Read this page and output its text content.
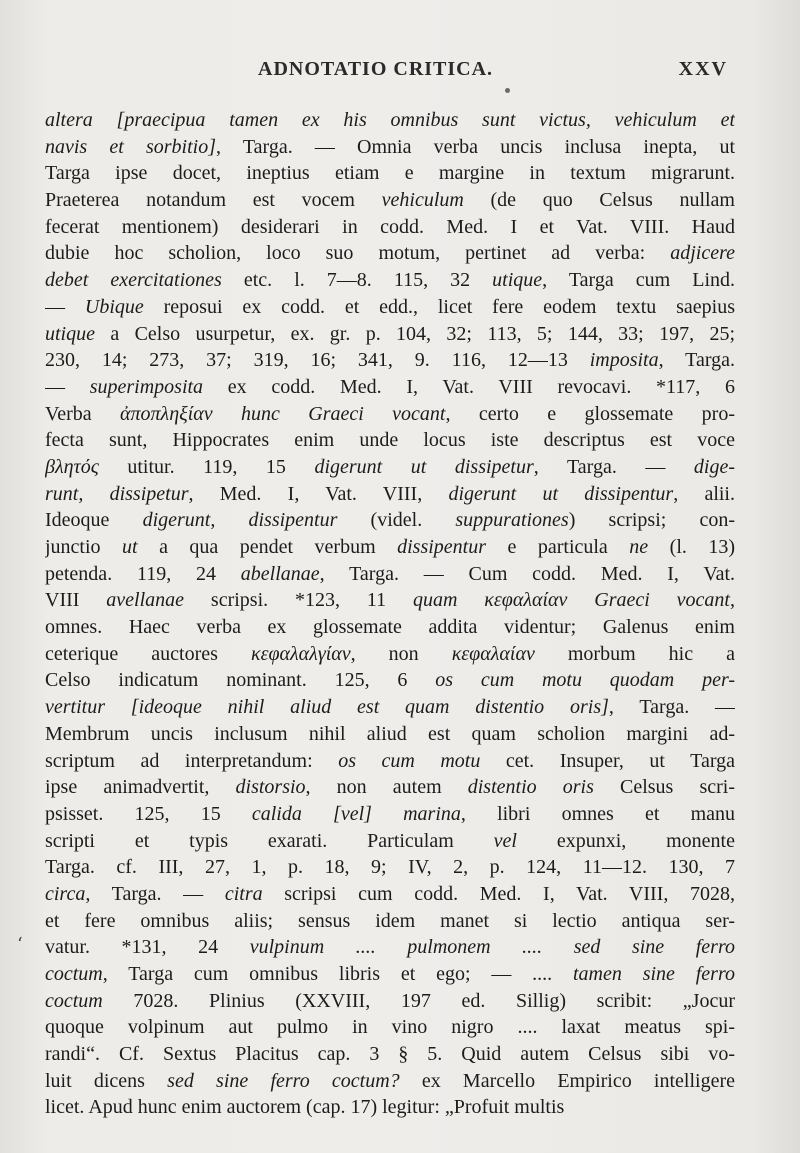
ADNOTATIO CRITICA.	XXV
‘
altera [praecipua tamen ex his omnibus sunt victus, vehiculum et
navis et sorbitio], Targa. — Omnia verba uncis inclusa inepta, ut
Targa ipse docet, ineptius etiam e margine in textum migrarunt.
Praeterea notandum est vocem vehiculum (de quo Celsus nullam
fecerat mentionem) desiderari in codd. Med. I et Vat. VIII. Haud
dubie hoc scholion, loco suo motum, pertinet ad verba: adjicere
debet exercitationes etc. l. 7—8. 115, 32 utique, Targa cum Lind.
— Ubique reposui ex codd. et edd., licet fere eodem textu saepius
utique a Celso usurpetur, ex. gr. p. 104, 32; 113, 5; 144, 33; 197, 25;
230, 14; 273, 37; 319, 16; 341, 9. 116, 12—13 imposita, Targa.
— superimposita ex codd. Med. I, Vat. VIII revocavi. *117, 6
Verba ἀποπληξίαν hunc Graeci vocant, certo e glossemate pro-
fecta sunt, Hippocrates enim unde locus iste descriptus est voce
βλητός utitur. 119, 15 digerunt ut dissipetur, Targa. — dige-
runt, dissipetur, Med. I, Vat. VIII, digerunt ut dissipentur, alii.
Ideoque digerunt, dissipentur (videl. suppurationes) scripsi; con-
junctio ut a qua pendet verbum dissipentur e particula ne (l. 13)
petenda. 119, 24 abellanae, Targa. — Cum codd. Med. I, Vat.
VIII avellanae scripsi. *123, 11 quam κεφαλαίαν Graeci vocant,
omnes. Haec verba ex glossemate addita videntur; Galenus enim
ceterique auctores κεφαλαλγίαν, non κεφαλαίαν morbum hic a
Celso indicatum nominant. 125, 6 os cum motu quodam per-
vertitur [ideoque nihil aliud est quam distentio oris], Targa. —
Membrum uncis inclusum nihil aliud est quam scholion margini ad-
scriptum ad interpretandum: os cum motu cet. Insuper, ut Targa
ipse animadvertit, distorsio, non autem distentio oris Celsus scri-
psisset. 125, 15 calida [vel] marina, libri omnes et manu
scripti et typis exarati. Particulam vel expunxi, monente
Targa. cf. III, 27, 1, p. 18, 9; IV, 2, p. 124, 11—12. 130, 7
circa, Targa. — citra scripsi cum codd. Med. I, Vat. VIII, 7028,
et fere omnibus aliis; sensus idem manet si lectio antiqua ser-
vatur. *131, 24 vulpinum .... pulmonem .... sed sine ferro
coctum, Targa cum omnibus libris et ego; — .... tamen sine ferro
coctum 7028. Plinius (XXVIII, 197 ed. Sillig) scribit: „Jocur
quoque volpinum aut pulmo in vino nigro .... laxat meatus spi-
randi“. Cf. Sextus Placitus cap. 3 § 5. Quid autem Celsus sibi vo-
luit dicens sed sine ferro coctum? ex Marcello Empirico intelligere
licet. Apud hunc enim auctorem (cap. 17) legitur: „Profuit multis
